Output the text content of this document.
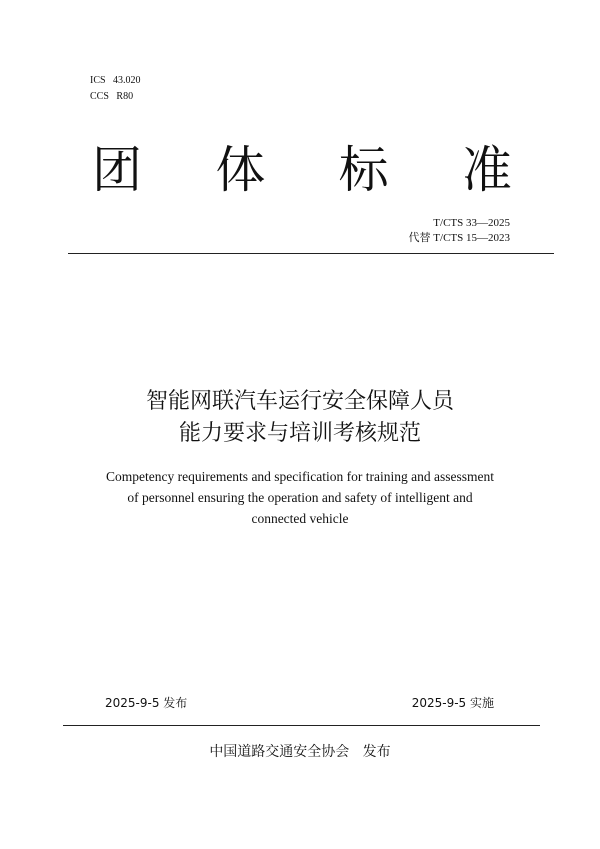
ICS   43.020
CCS   R80
团 体 标 准
T/CTS 33—2025
代替 T/CTS 15—2023
智能网联汽车运行安全保障人员
能力要求与培训考核规范
Competency requirements and specification for training and assessment
of personnel ensuring the operation and safety of intelligent and
connected vehicle
2025-9-5 发布	2025-9-5 实施
中国道路交通安全协会   发布
